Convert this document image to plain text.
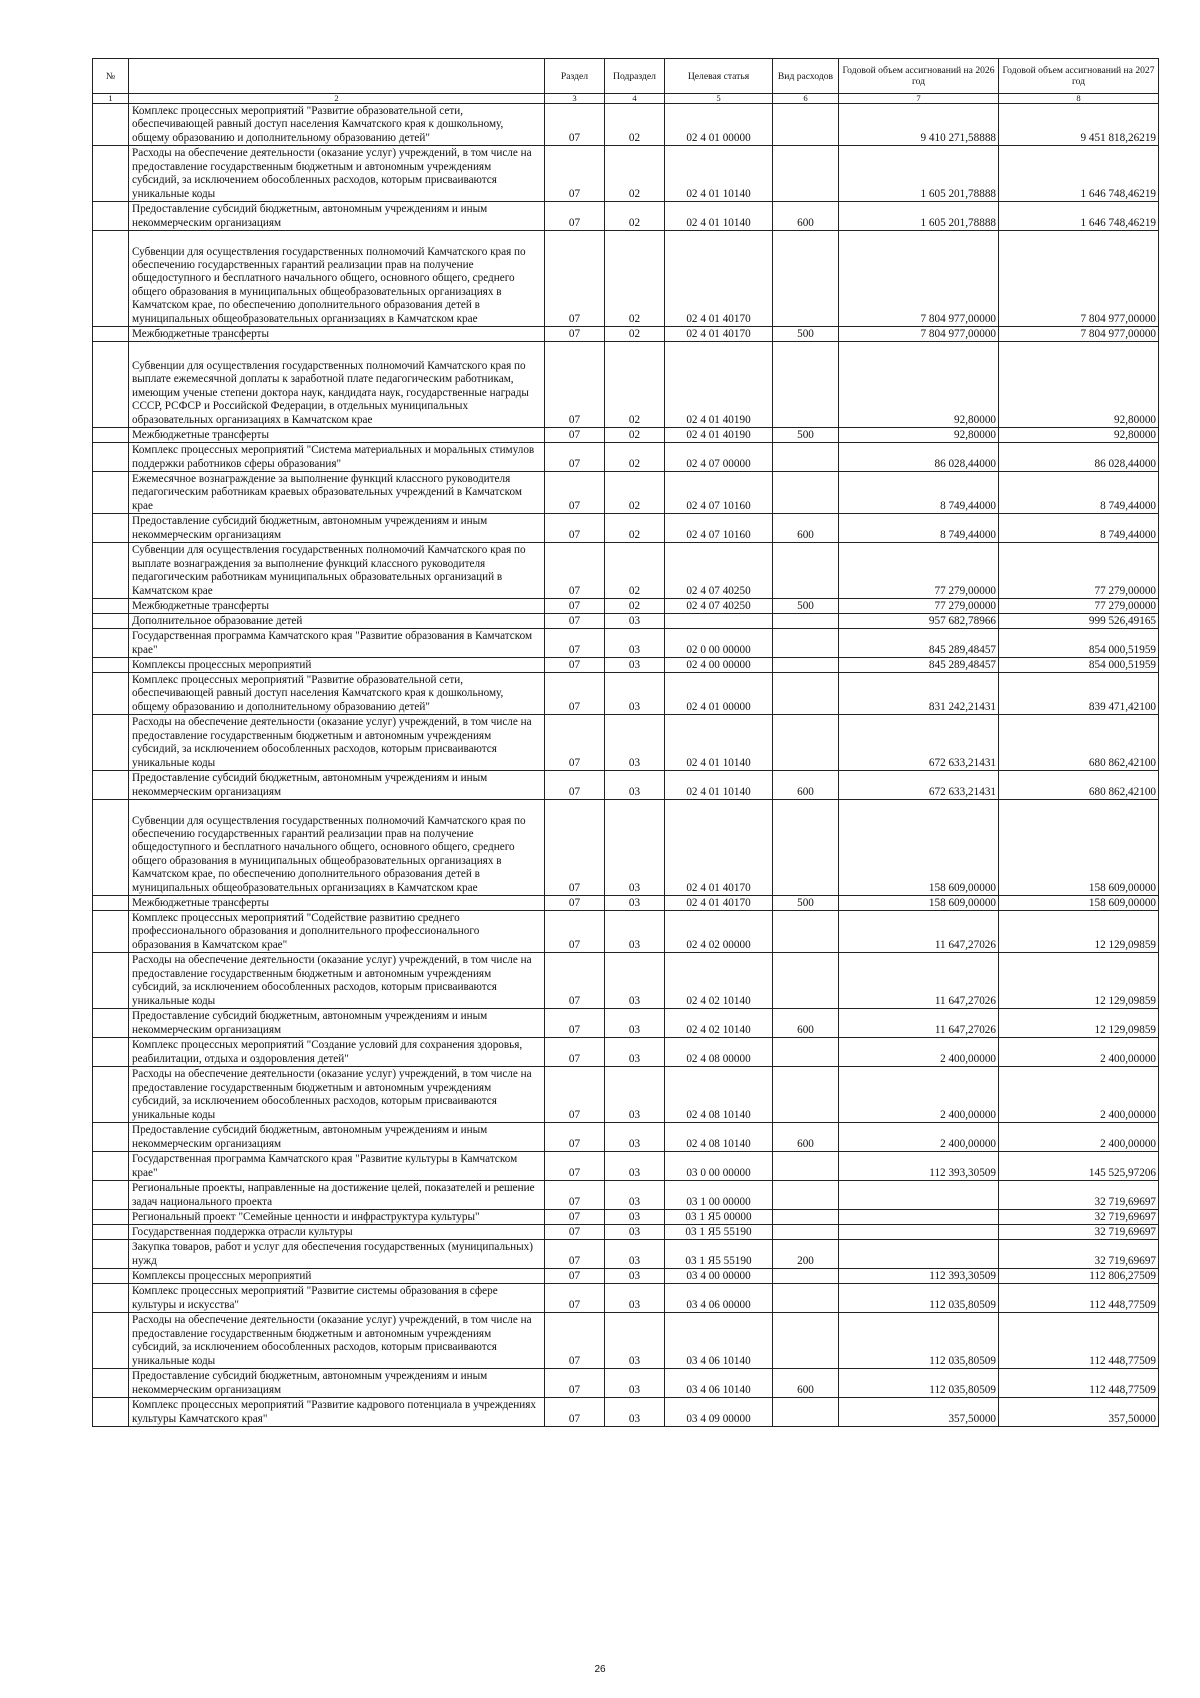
№		Раздел	Подраздел	Целевая статья	Вид расходов	Годовой объем ассигнований на 2026 год	Годовой объем ассигнований на 2027 год
1	2	3	4	5	6	7	8
	Комплекс процессных мероприятий "Развитие образовательной сети, обеспечивающей равный доступ населения Камчатского края к дошкольному, общему образованию и дополнительному образованию детей"	07	02	02 4 01 00000		9 410 271,58888	9 451 818,26219
	Расходы на обеспечение деятельности (оказание услуг) учреждений, в том числе на предоставление государственным бюджетным и автономным учреждениям субсидий, за исключением обособленных расходов, которым присваиваются уникальные коды	07	02	02 4 01 10140		1 605 201,78888	1 646 748,46219
	Предоставление субсидий бюджетным, автономным учреждениям и иным некоммерческим организациям	07	02	02 4 01 10140	600	1 605 201,78888	1 646 748,46219
	Субвенции для осуществления государственных полномочий Камчатского края по обеспечению государственных гарантий реализации прав на получение общедоступного и бесплатного начального общего, основного общего, среднего общего образования в муниципальных общеобразовательных организациях в Камчатском крае, по обеспечению дополнительного образования детей в муниципальных общеобразовательных организациях в Камчатском крае	07	02	02 4 01 40170		7 804 977,00000	7 804 977,00000
	Межбюджетные трансферты	07	02	02 4 01 40170	500	7 804 977,00000	7 804 977,00000
	Субвенции для осуществления государственных полномочий Камчатского края по выплате ежемесячной доплаты к заработной плате педагогическим работникам, имеющим ученые степени доктора наук, кандидата наук, государственные награды СССР, РСФСР и Российской Федерации, в отдельных муниципальных образовательных организациях в Камчатском крае	07	02	02 4 01 40190		92,80000	92,80000
	Межбюджетные трансферты	07	02	02 4 01 40190	500	92,80000	92,80000
	Комплекс процессных мероприятий "Система материальных и моральных стимулов поддержки работников сферы образования"	07	02	02 4 07 00000		86 028,44000	86 028,44000
	Ежемесячное вознаграждение за выполнение функций классного руководителя педагогическим работникам краевых образовательных учреждений в Камчатском крае	07	02	02 4 07 10160		8 749,44000	8 749,44000
	Предоставление субсидий бюджетным, автономным учреждениям и иным некоммерческим организациям	07	02	02 4 07 10160	600	8 749,44000	8 749,44000
	Субвенции для осуществления государственных полномочий Камчатского края по выплате вознаграждения за выполнение функций классного руководителя педагогическим работникам муниципальных образовательных организаций в Камчатском крае	07	02	02 4 07 40250		77 279,00000	77 279,00000
	Межбюджетные трансферты	07	02	02 4 07 40250	500	77 279,00000	77 279,00000
	Дополнительное образование детей	07	03			957 682,78966	999 526,49165
	Государственная программа Камчатского края "Развитие образования в Камчатском крае"	07	03	02 0 00 00000		845 289,48457	854 000,51959
	Комплексы процессных мероприятий	07	03	02 4 00 00000		845 289,48457	854 000,51959
	Комплекс процессных мероприятий "Развитие образовательной сети, обеспечивающей равный доступ населения Камчатского края к дошкольному, общему образованию и дополнительному образованию детей"	07	03	02 4 01 00000		831 242,21431	839 471,42100
	Расходы на обеспечение деятельности (оказание услуг) учреждений, в том числе на предоставление государственным бюджетным и автономным учреждениям субсидий, за исключением обособленных расходов, которым присваиваются уникальные коды	07	03	02 4 01 10140		672 633,21431	680 862,42100
	Предоставление субсидий бюджетным, автономным учреждениям и иным некоммерческим организациям	07	03	02 4 01 10140	600	672 633,21431	680 862,42100
	Субвенции для осуществления государственных полномочий Камчатского края по обеспечению государственных гарантий реализации прав на получение общедоступного и бесплатного начального общего, основного общего, среднего общего образования в муниципальных общеобразовательных организациях в Камчатском крае, по обеспечению дополнительного образования детей в муниципальных общеобразовательных организациях в Камчатском крае	07	03	02 4 01 40170		158 609,00000	158 609,00000
	Межбюджетные трансферты	07	03	02 4 01 40170	500	158 609,00000	158 609,00000
	Комплекс процессных мероприятий "Содействие развитию среднего профессионального образования и дополнительного профессионального образования в Камчатском крае"	07	03	02 4 02 00000		11 647,27026	12 129,09859
	Расходы на обеспечение деятельности (оказание услуг) учреждений, в том числе на предоставление государственным бюджетным и автономным учреждениям субсидий, за исключением обособленных расходов, которым присваиваются уникальные коды	07	03	02 4 02 10140		11 647,27026	12 129,09859
	Предоставление субсидий бюджетным, автономным учреждениям и иным некоммерческим организациям	07	03	02 4 02 10140	600	11 647,27026	12 129,09859
	Комплекс процессных мероприятий "Создание условий для сохранения здоровья, реабилитации, отдыха и оздоровления детей"	07	03	02 4 08 00000		2 400,00000	2 400,00000
	Расходы на обеспечение деятельности (оказание услуг) учреждений, в том числе на предоставление государственным бюджетным и автономным учреждениям субсидий, за исключением обособленных расходов, которым присваиваются уникальные коды	07	03	02 4 08 10140		2 400,00000	2 400,00000
	Предоставление субсидий бюджетным, автономным учреждениям и иным некоммерческим организациям	07	03	02 4 08 10140	600	2 400,00000	2 400,00000
	Государственная программа Камчатского края "Развитие культуры в Камчатском крае"	07	03	03 0 00 00000		112 393,30509	145 525,97206
	Региональные проекты, направленные на достижение целей, показателей и решение задач национального проекта	07	03	03 1 00 00000			32 719,69697
	Региональный проект "Семейные ценности и инфраструктура культуры"	07	03	03 1 Я5 00000			32 719,69697
	Государственная поддержка отрасли культуры	07	03	03 1 Я5 55190			32 719,69697
	Закупка товаров, работ и услуг для обеспечения государственных (муниципальных) нужд	07	03	03 1 Я5 55190	200		32 719,69697
	Комплексы процессных мероприятий	07	03	03 4 00 00000		112 393,30509	112 806,27509
	Комплекс процессных мероприятий "Развитие системы образования в сфере культуры и искусства"	07	03	03 4 06 00000		112 035,80509	112 448,77509
	Расходы на обеспечение деятельности (оказание услуг) учреждений, в том числе на предоставление государственным бюджетным и автономным учреждениям субсидий, за исключением обособленных расходов, которым присваиваются уникальные коды	07	03	03 4 06 10140		112 035,80509	112 448,77509
	Предоставление субсидий бюджетным, автономным учреждениям и иным некоммерческим организациям	07	03	03 4 06 10140	600	112 035,80509	112 448,77509
	Комплекс процессных мероприятий "Развитие кадрового потенциала в учреждениях культуры Камчатского края"	07	03	03 4 09 00000		357,50000	357,50000
26
